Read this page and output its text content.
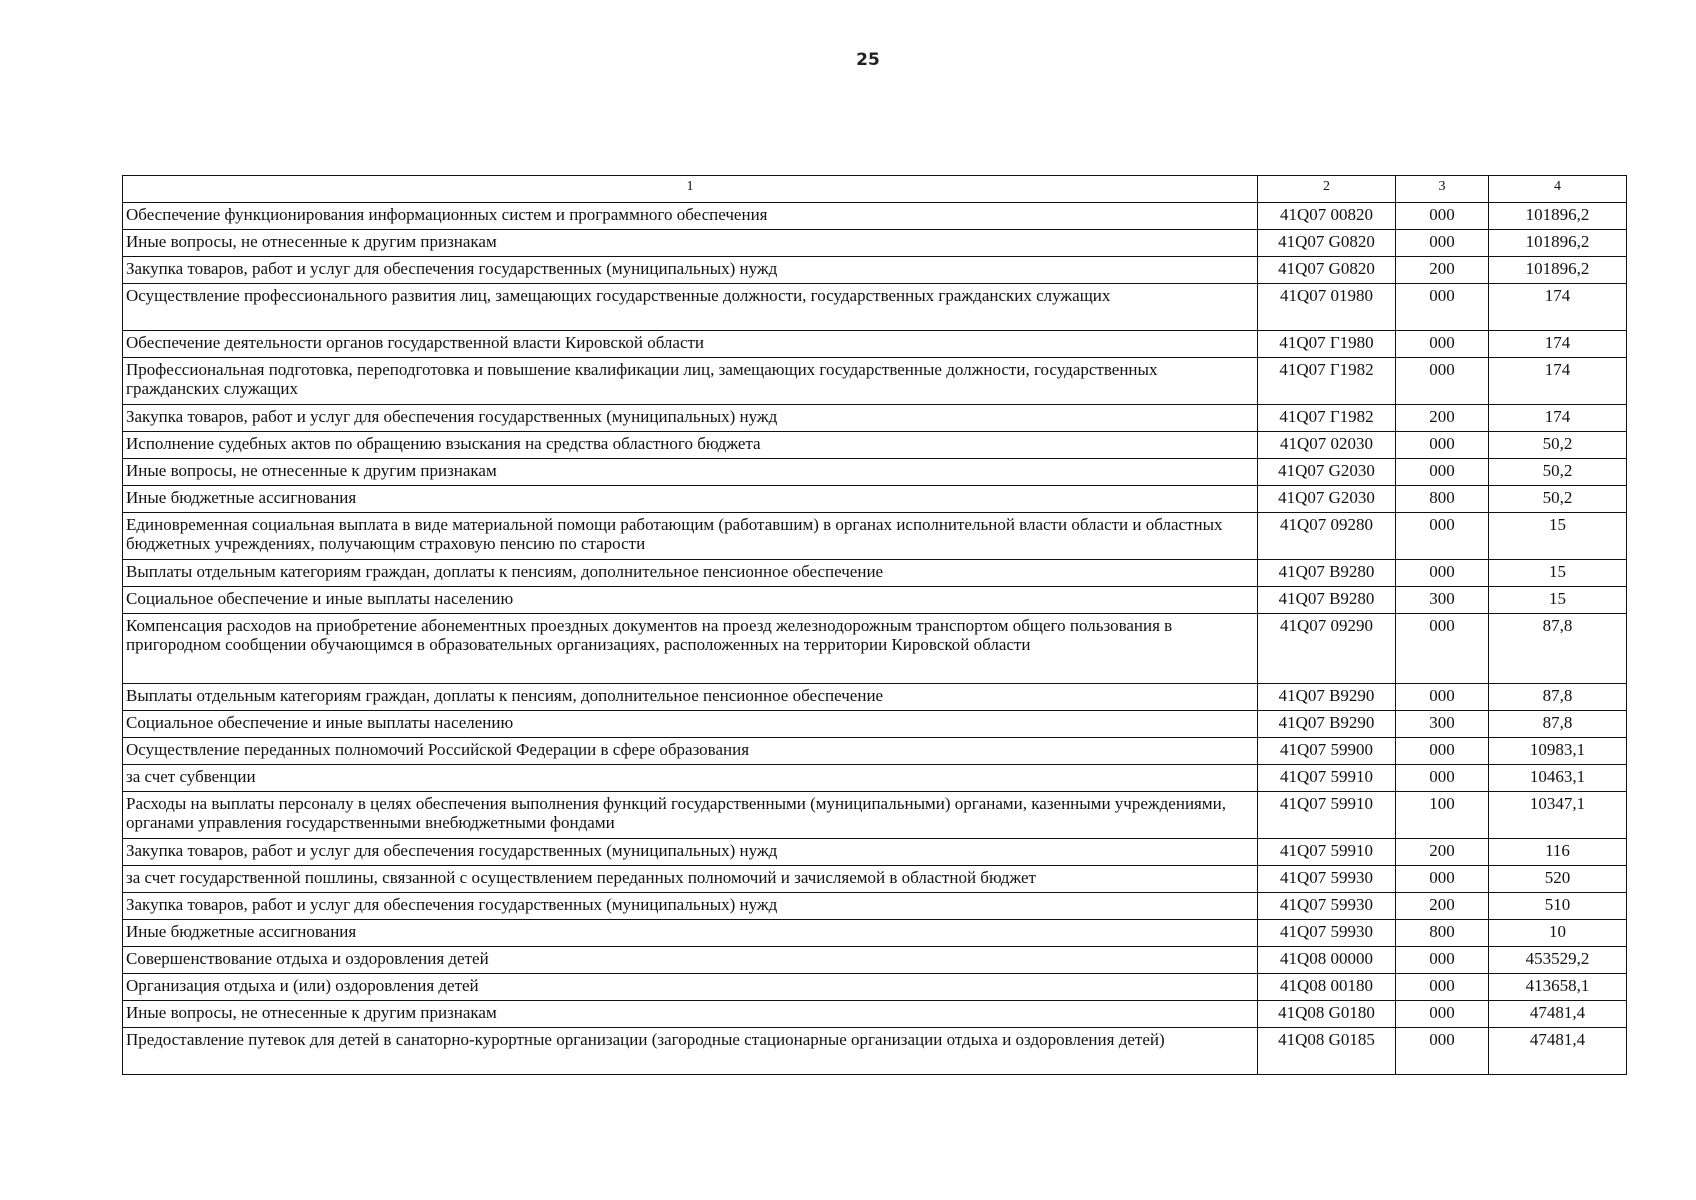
25
1	2	3	4
Обеспечение функционирования информационных систем и программного обеспечения	41Q07 00820	000	101896,2
Иные вопросы, не отнесенные к другим признакам	41Q07 G0820	000	101896,2
Закупка товаров, работ и услуг для обеспечения государственных (муниципальных) нужд	41Q07 G0820	200	101896,2
Осуществление профессионального развития лиц, замещающих государственные должности, государственных гражданских служащих	41Q07 01980	000	174
Обеспечение деятельности органов государственной власти Кировской области	41Q07 Г1980	000	174
Профессиональная подготовка, переподготовка и повышение квалификации лиц, замещающих государственные должности, государственных гражданских служащих	41Q07 Г1982	000	174
Закупка товаров, работ и услуг для обеспечения государственных (муниципальных) нужд	41Q07 Г1982	200	174
Исполнение судебных актов по обращению взыскания на средства областного бюджета	41Q07 02030	000	50,2
Иные вопросы, не отнесенные к другим признакам	41Q07 G2030	000	50,2
Иные бюджетные ассигнования	41Q07 G2030	800	50,2
Единовременная социальная выплата в виде материальной помощи работающим (работавшим) в органах исполнительной власти области и областных бюджетных учреждениях, получающим страховую пенсию по старости	41Q07 09280	000	15
Выплаты отдельным категориям граждан, доплаты к пенсиям, дополнительное пенсионное обеспечение	41Q07 B9280	000	15
Социальное обеспечение и иные выплаты населению	41Q07 B9280	300	15
Компенсация расходов на приобретение абонементных проездных документов на проезд железнодорожным транспортом общего пользования в пригородном сообщении обучающимся в образовательных организациях, расположенных на территории Кировской области	41Q07 09290	000	87,8
Выплаты отдельным категориям граждан, доплаты к пенсиям, дополнительное пенсионное обеспечение	41Q07 B9290	000	87,8
Социальное обеспечение и иные выплаты населению	41Q07 B9290	300	87,8
Осуществление переданных полномочий Российской Федерации в сфере образования	41Q07 59900	000	10983,1
за счет субвенции	41Q07 59910	000	10463,1
Расходы на выплаты персоналу в целях обеспечения выполнения функций государственными (муниципальными) органами, казенными учреждениями, органами управления государственными внебюджетными фондами	41Q07 59910	100	10347,1
Закупка товаров, работ и услуг для обеспечения государственных (муниципальных) нужд	41Q07 59910	200	116
за счет государственной пошлины, связанной с осуществлением переданных полномочий и зачисляемой в областной бюджет	41Q07 59930	000	520
Закупка товаров, работ и услуг для обеспечения государственных (муниципальных) нужд	41Q07 59930	200	510
Иные бюджетные ассигнования	41Q07 59930	800	10
Совершенствование отдыха и оздоровления детей	41Q08 00000	000	453529,2
Организация отдыха и (или) оздоровления детей	41Q08 00180	000	413658,1
Иные вопросы, не отнесенные к другим признакам	41Q08 G0180	000	47481,4
Предоставление путевок для детей в санаторно-курортные организации (загородные стационарные организации отдыха и оздоровления детей)	41Q08 G0185	000	47481,4
